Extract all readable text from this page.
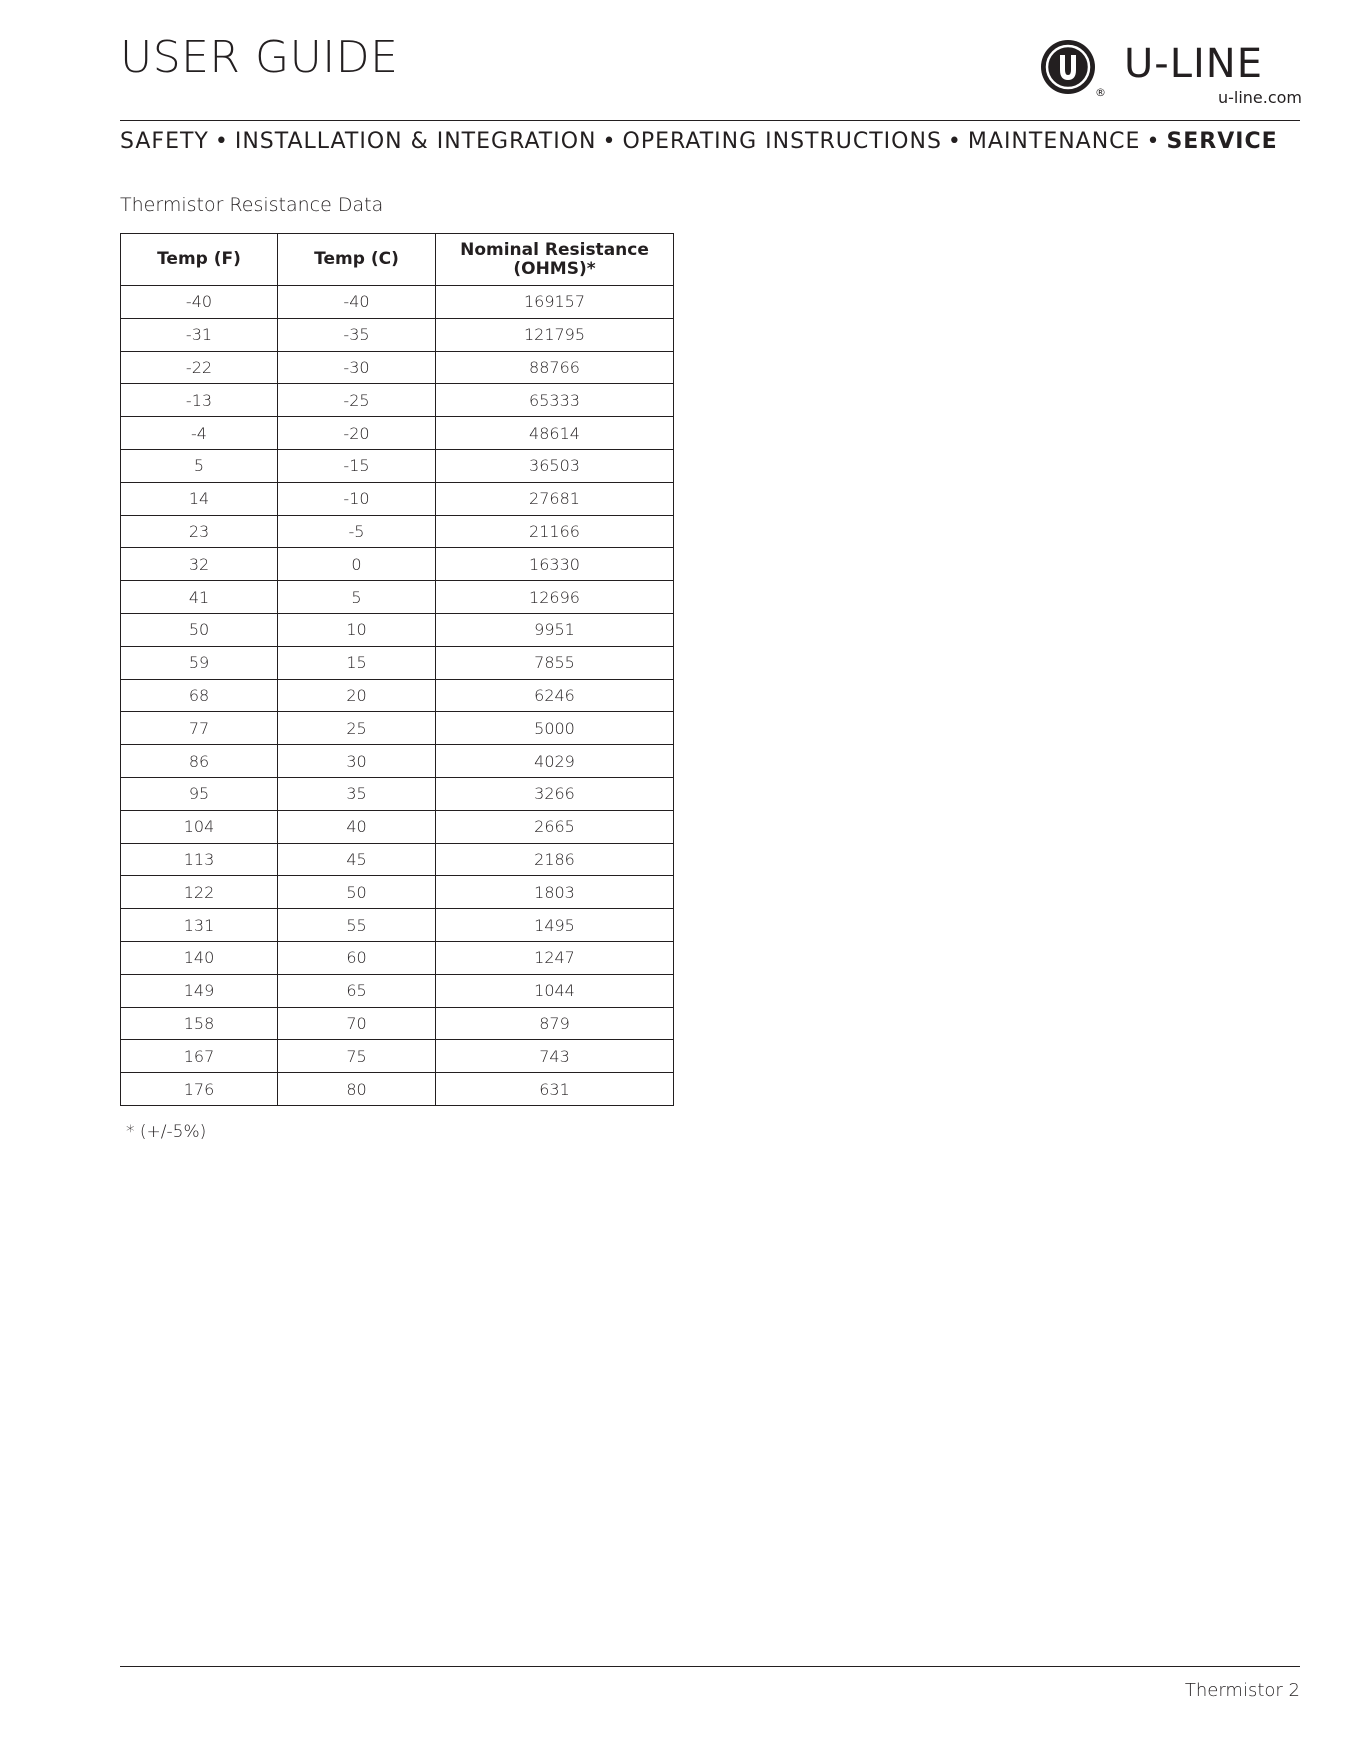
USER GUIDE
®
U-LINE
u-line.com
SAFETY • INSTALLATION & INTEGRATION • OPERATING INSTRUCTIONS • MAINTENANCE • SERVICE
Thermistor Resistance Data
Temp (F)	Temp (C)	Nominal Resistance (OHMS)*
-40	-40	169157
-31	-35	121795
-22	-30	88766
-13	-25	65333
-4	-20	48614
5	-15	36503
14	-10	27681
23	-5	21166
32	0	16330
41	5	12696
50	10	9951
59	15	7855
68	20	6246
77	25	5000
86	30	4029
95	35	3266
104	40	2665
113	45	2186
122	50	1803
131	55	1495
140	60	1247
149	65	1044
158	70	879
167	75	743
176	80	631
* (+/-5%)
Thermistor 2
